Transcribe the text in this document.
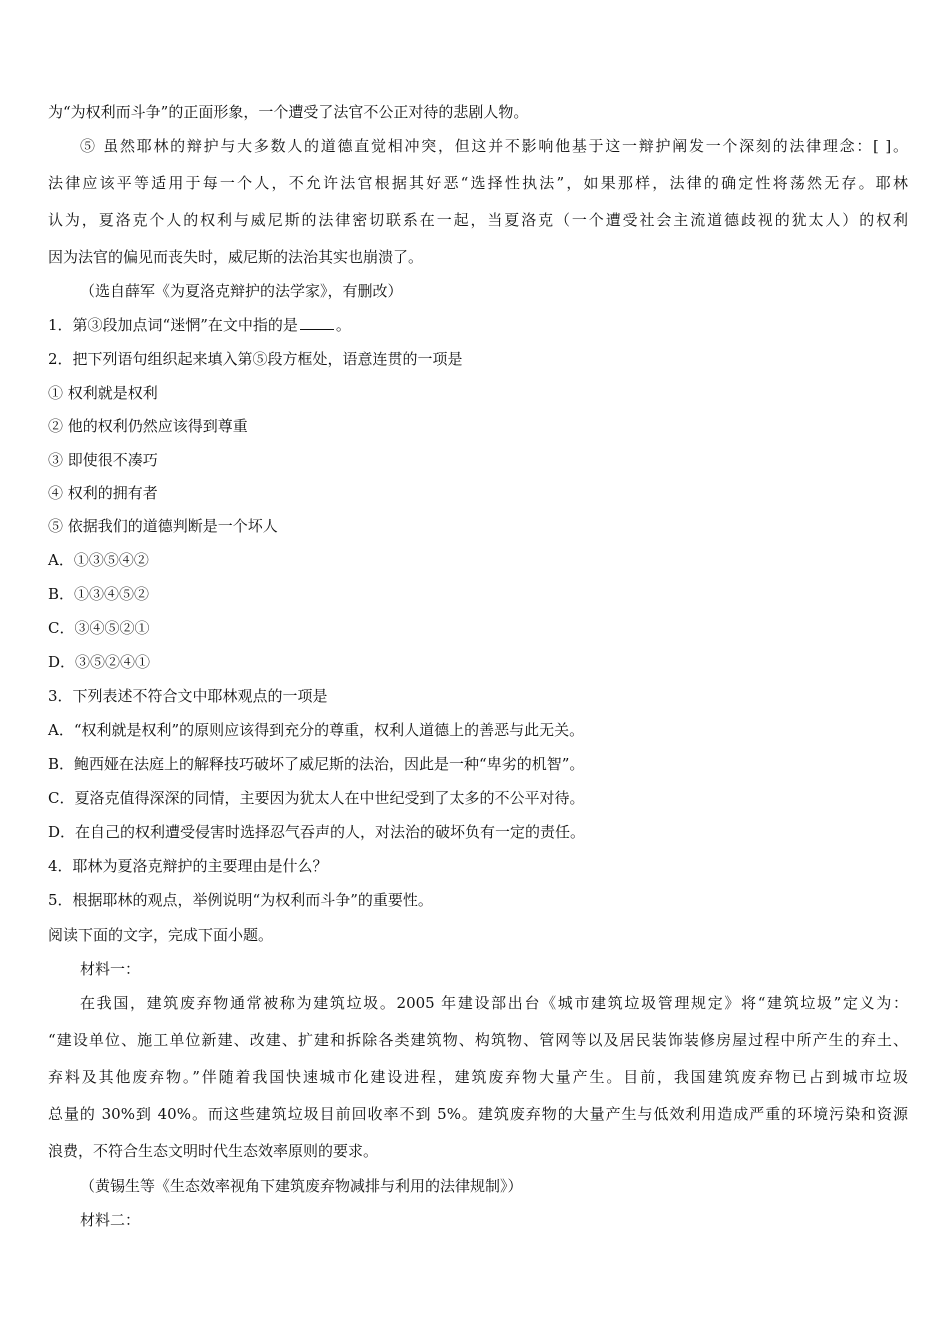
为“为权利而斗争”的正面形象，一个遭受了法官不公正对待的悲剧人物。
⑤ 虽然耶林的辩护与大多数人的道德直觉相冲突，但这并不影响他基于这一辩护阐发一个深刻的法律理念：[ ]。
法律应该平等适用于每一个人，不允许法官根据其好恶“选择性执法”，如果那样，法律的确定性将荡然无存。耶林
认为，夏洛克个人的权利与威尼斯的法律密切联系在一起，当夏洛克（一个遭受社会主流道德歧视的犹太人）的权利
因为法官的偏见而丧失时，威尼斯的法治其实也崩溃了。
（选自薛军《为夏洛克辩护的法学家》，有删改）
1．第③段加点词“迷惘”在文中指的是	。
2．把下列语句组织起来填入第⑤段方框处，语意连贯的一项是
① 权利就是权利
② 他的权利仍然应该得到尊重
③ 即使很不凑巧
④ 权利的拥有者
⑤ 依据我们的道德判断是一个坏人
A．①③⑤④②
B．①③④⑤②
C．③④⑤②①
D．③⑤②④①
3．下列表述不符合文中耶林观点的一项是
A．“权利就是权利”的原则应该得到充分的尊重，权利人道德上的善恶与此无关。
B．鲍西娅在法庭上的解释技巧破坏了威尼斯的法治，因此是一种“卑劣的机智”。
C．夏洛克值得深深的同情，主要因为犹太人在中世纪受到了太多的不公平对待。
D．在自己的权利遭受侵害时选择忍气吞声的人，对法治的破坏负有一定的责任。
4．耶林为夏洛克辩护的主要理由是什么？
5．根据耶林的观点，举例说明“为权利而斗争”的重要性。
阅读下面的文字，完成下面小题。
材料一：
在我国，建筑废弃物通常被称为建筑垃圾。2005 年建设部出台《城市建筑垃圾管理规定》将“建筑垃圾”定义为：
“建设单位、施工单位新建、改建、扩建和拆除各类建筑物、构筑物、管网等以及居民装饰装修房屋过程中所产生的弃土、
弃料及其他废弃物。”伴随着我国快速城市化建设进程，建筑废弃物大量产生。目前，我国建筑废弃物已占到城市垃圾
总量的 30%到 40%。而这些建筑垃圾目前回收率不到 5%。建筑废弃物的大量产生与低效利用造成严重的环境污染和资源
浪费，不符合生态文明时代生态效率原则的要求。
（黄锡生等《生态效率视角下建筑废弃物减排与利用的法律规制》）
材料二：
